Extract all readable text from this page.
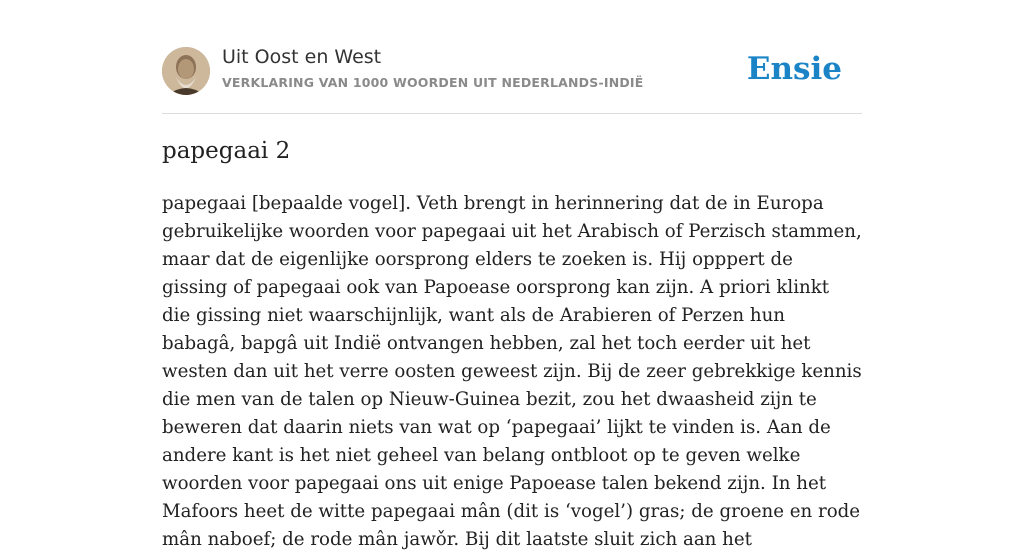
Uit Oost en West
VERKLARING VAN 1000 WOORDEN UIT NEDERLANDS-INDIË	Ensie
papegaai 2

papegaai [bepaalde vogel]. Veth brengt in herinnering dat de in Europa gebruikelijke woorden voor papegaai uit het Arabisch of Perzisch stammen, maar dat de eigenlijke oorsprong elders te zoeken is. Hij opppert de gissing of papegaai ook van Papoease oorsprong kan zijn. A priori klinkt die gissing niet waarschijnlijk, want als de Arabieren of Perzen hun babagâ, bapgâ uit Indië ontvangen hebben, zal het toch eerder uit het westen dan uit het verre oosten geweest zijn. Bij de zeer gebrekkige kennis die men van de talen op Nieuw-Guinea bezit, zou het dwaasheid zijn te beweren dat daarin niets van wat op ‘papegaai’ lijkt te vinden is. Aan de andere kant is het niet geheel van belang ontbloot op te geven welke woorden voor papegaai ons uit enige Papoease talen bekend zijn. In het Mafoors heet de witte papegaai mân (dit is ‘vogel’) gras; de groene en rode mân naboef; de rode mân jawǒr. Bij dit laatste sluit zich aan het
